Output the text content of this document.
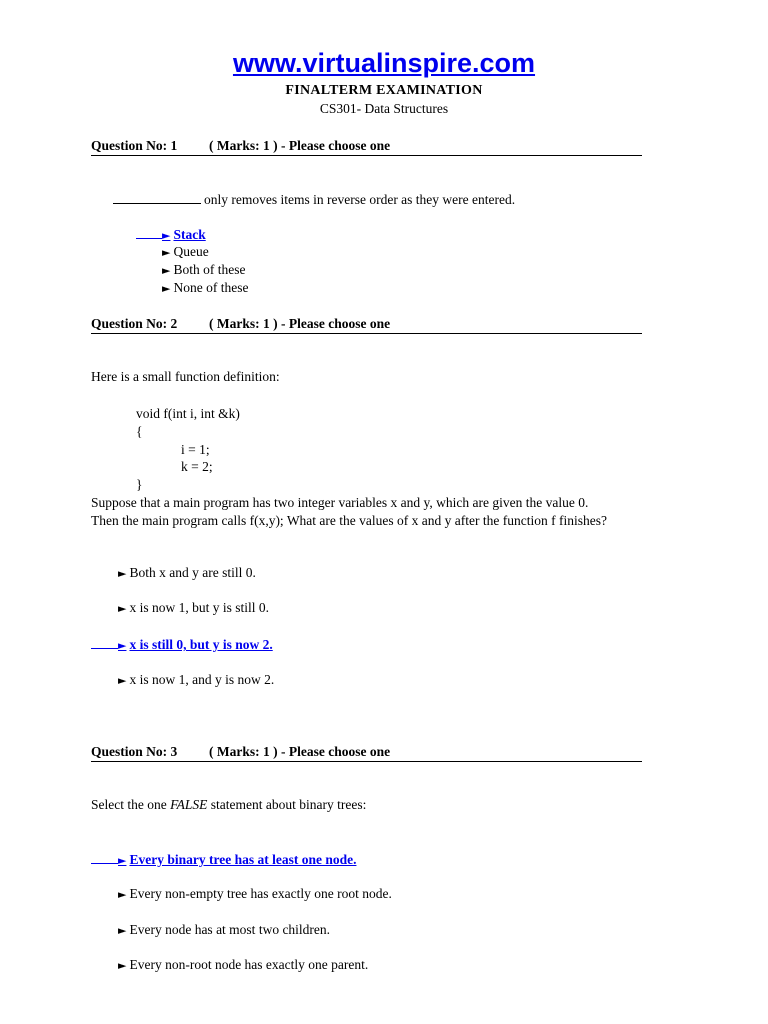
www.virtualinspire.com
FINALTERM EXAMINATION
CS301- Data Structures
Question No: 1 ( Marks: 1 ) - Please choose one
only removes items in reverse order as they were entered.
► Stack
► Queue
► Both of these
► None of these
Question No: 2 ( Marks: 1 ) - Please choose one
Here is a small function definition:
void f(int i, int &k)
{
i = 1;
k = 2;
}
Suppose that a main program has two integer variables x and y, which are given the value 0.
Then the main program calls f(x,y); What are the values of x and y after the function f finishes?
► Both x and y are still 0.
► x is now 1, but y is still 0.
► x is still 0, but y is now 2.
► x is now 1, and y is now 2.
Question No: 3 ( Marks: 1 ) - Please choose one
Select the one FALSE statement about binary trees:
► Every binary tree has at least one node.
► Every non-empty tree has exactly one root node.
► Every node has at most two children.
► Every non-root node has exactly one parent.
